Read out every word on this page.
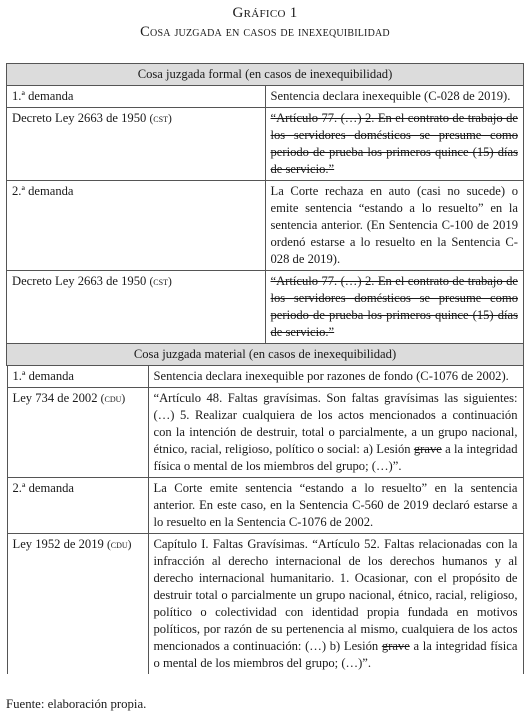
Gráfico 1
Cosa juzgada en casos de inexequibilidad
Cosa juzgada formal (en casos de inexequibilidad)
1.ª demanda	Sentencia declara inexequible (C-028 de 2019).
Decreto Ley 2663 de 1950 (cst)	“Artículo 77. (…) 2. En el contrato de trabajo de los servidores domésticos se presume como periodo de prueba los primeros quince (15) días de servicio.”
2.ª demanda	La Corte rechaza en auto (casi no sucede) o emite sentencia “estando a lo resuelto” en la sentencia anterior. (En Sentencia C-100 de 2019 ordenó estarse a lo resuelto en la Sentencia C-028 de 2019).
Decreto Ley 2663 de 1950 (cst)	“Artículo 77. (…) 2. En el contrato de trabajo de los servidores domésticos se presume como periodo de prueba los primeros quince (15) días de servicio.”
Cosa juzgada material (en casos de inexequibilidad)

1.ª demanda	Sentencia declara inexequible por razones de fondo (C-1076 de 2002).
Ley 734 de 2002 (cdu)	“Artículo 48. Faltas gravísimas. Son faltas gravísimas las siguientes: (…) 5. Realizar cualquiera de los actos mencionados a continuación con la intención de destruir, total o parcialmente, a un grupo nacional, étnico, racial, religioso, político o social: a) Lesión grave a la integridad física o mental de los miembros del grupo; (…)”.
2.ª demanda	La Corte emite sentencia “estando a lo resuelto” en la sentencia anterior. En este caso, en la Sentencia C-560 de 2019 declaró estarse a lo resuelto en la Sentencia C-1076 de 2002.
Ley 1952 de 2019 (cdu)	Capítulo I. Faltas Gravísimas. “Artículo 52. Faltas relacionadas con la infracción al derecho internacional de los derechos humanos y al derecho internacional humanitario. 1. Ocasionar, con el propósito de destruir total o parcialmente un grupo nacional, étnico, racial, religioso, político o colectividad con identidad propia fundada en motivos políticos, por razón de su pertenencia al mismo, cualquiera de los actos mencionados a continuación: (…) b) Lesión grave a la integridad física o mental de los miembros del grupo; (…)”.
Fuente: elaboración propia.
